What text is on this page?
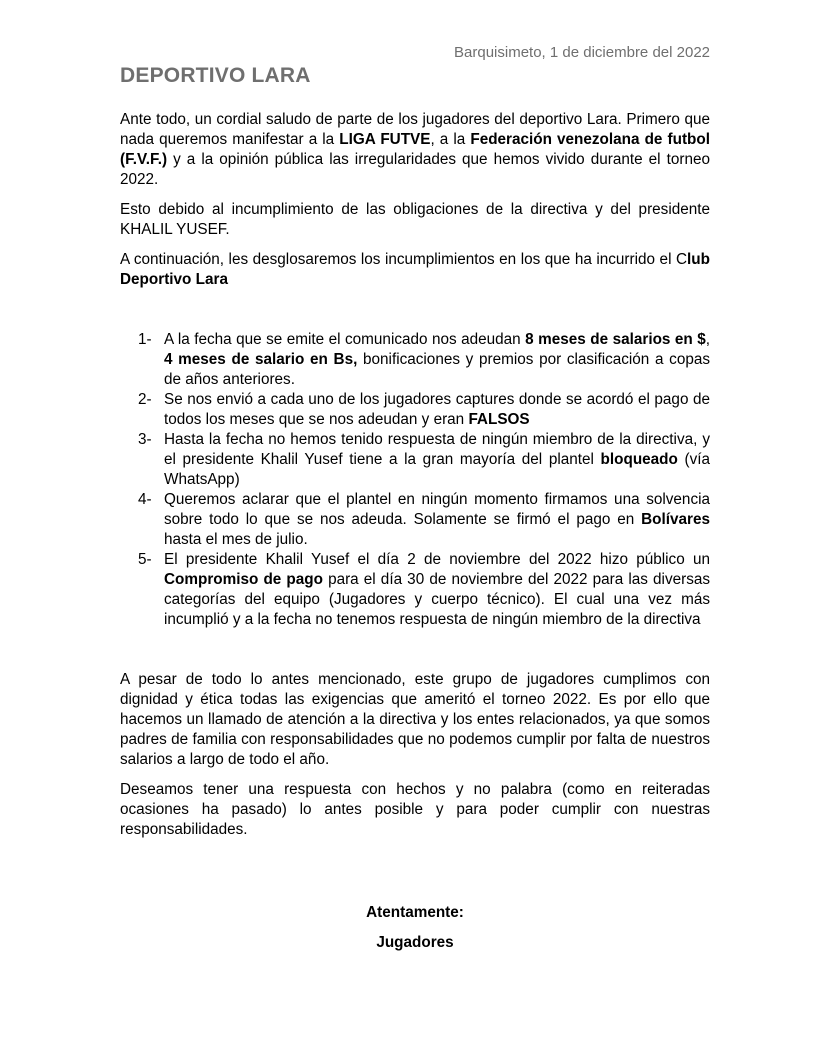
Barquisimeto, 1 de diciembre del 2022
DEPORTIVO LARA

Ante todo, un cordial saludo de parte de los jugadores del deportivo Lara. Primero que nada queremos manifestar a la LIGA FUTVE, a la Federación venezolana de futbol (F.V.F.) y a la opinión pública las irregularidades que hemos vivido durante el torneo 2022.

Esto debido al incumplimiento de las obligaciones de la directiva y del presidente KHALIL YUSEF.

A continuación, les desglosaremos los incumplimientos en los que ha incurrido el Club Deportivo Lara

1- A la fecha que se emite el comunicado nos adeudan 8 meses de salarios en $, 4 meses de salario en Bs, bonificaciones y premios por clasificación a copas de años anteriores.
2- Se nos envió a cada uno de los jugadores captures donde se acordó el pago de todos los meses que se nos adeudan y eran FALSOS
3- Hasta la fecha no hemos tenido respuesta de ningún miembro de la directiva, y el presidente Khalil Yusef tiene a la gran mayoría del plantel bloqueado (vía WhatsApp)
4- Queremos aclarar que el plantel en ningún momento firmamos una solvencia sobre todo lo que se nos adeuda. Solamente se firmó el pago en Bolívares hasta el mes de julio.
5- El presidente Khalil Yusef el día 2 de noviembre del 2022 hizo público un Compromiso de pago para el día 30 de noviembre del 2022 para las diversas categorías del equipo (Jugadores y cuerpo técnico). El cual una vez más incumplió y a la fecha no tenemos respuesta de ningún miembro de la directiva

A pesar de todo lo antes mencionado, este grupo de jugadores cumplimos con dignidad y ética todas las exigencias que ameritó el torneo 2022. Es por ello que hacemos un llamado de atención a la directiva y los entes relacionados, ya que somos padres de familia con responsabilidades que no podemos cumplir por falta de nuestros salarios a largo de todo el año.

Deseamos tener una respuesta con hechos y no palabra (como en reiteradas ocasiones ha pasado) lo antes posible y para poder cumplir con nuestras responsabilidades.

Atentamente:
Jugadores
